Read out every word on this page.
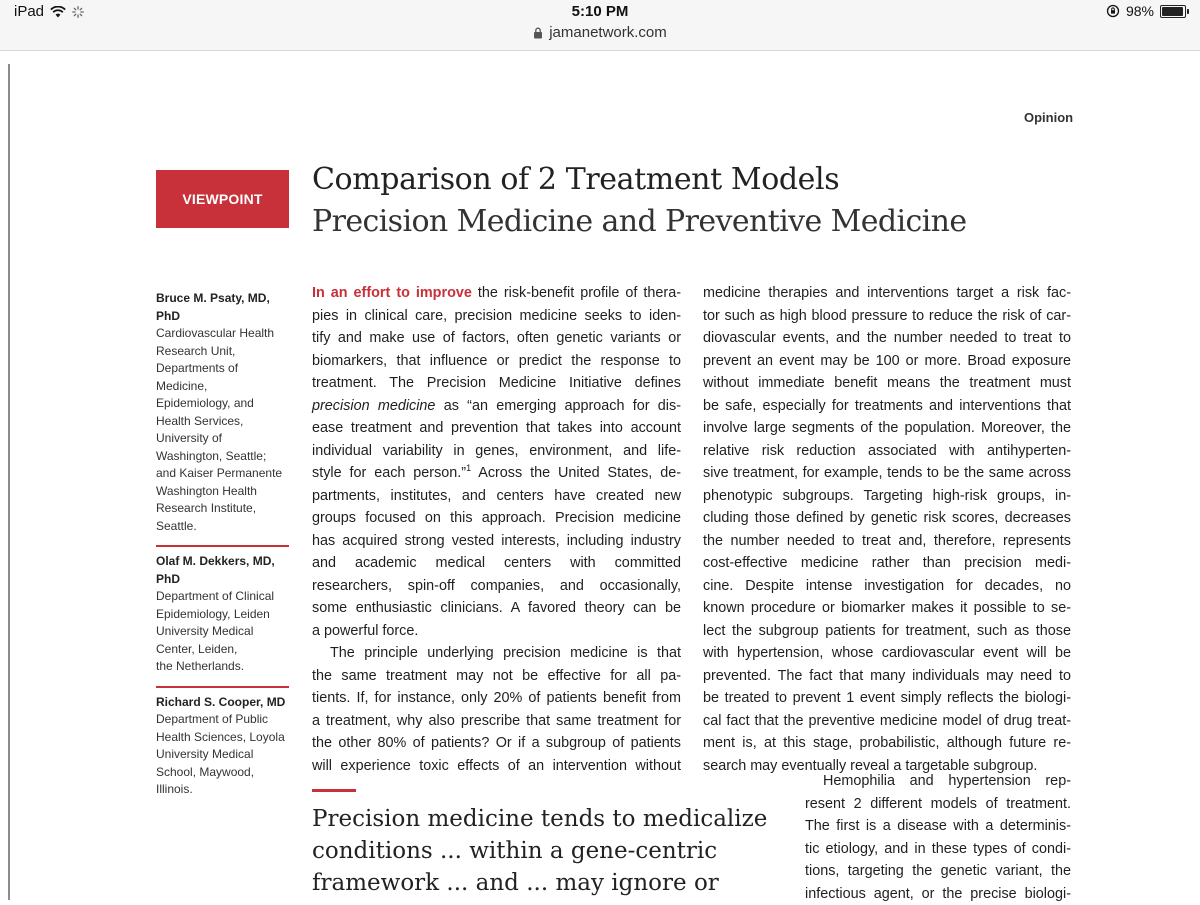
iPad	5:10 PM	98%
jamanetwork.com
Opinion
VIEWPOINT
Comparison of 2 Treatment Models
Precision Medicine and Preventive Medicine
Bruce M. Psaty, MD,
PhD
Cardiovascular Health
Research Unit,
Departments of
Medicine,
Epidemiology, and
Health Services,
University of
Washington, Seattle;
and Kaiser Permanente
Washington Health
Research Institute,
Seattle.
Olaf M. Dekkers, MD,
PhD
Department of Clinical
Epidemiology, Leiden
University Medical
Center, Leiden,
the Netherlands.
Richard S. Cooper, MD
Department of Public
Health Sciences, Loyola
University Medical
School, Maywood,
Illinois.
In an effort to improve the risk-benefit profile of thera-
pies in clinical care, precision medicine seeks to iden-
tify and make use of factors, often genetic variants or
biomarkers, that influence or predict the response to
treatment. The Precision Medicine Initiative defines
precision medicine as “an emerging approach for dis-
ease treatment and prevention that takes into account
individual variability in genes, environment, and life-
style for each person.”$^1$ Across the United States, de-
partments, institutes, and centers have created new
groups focused on this approach. Precision medicine
has acquired strong vested interests, including industry
and academic medical centers with committed
researchers, spin-off companies, and occasionally,
some enthusiastic clinicians. A favored theory can be
a powerful force.
The principle underlying precision medicine is that
the same treatment may not be effective for all pa-
tients. If, for instance, only 20% of patients benefit from
a treatment, why also prescribe that same treatment for
the other 80% of patients? Or if a subgroup of patients
will experience toxic effects of an intervention without
medicine therapies and interventions target a risk fac-
tor such as high blood pressure to reduce the risk of car-
diovascular events, and the number needed to treat to
prevent an event may be 100 or more. Broad exposure
without immediate benefit means the treatment must
be safe, especially for treatments and interventions that
involve large segments of the population. Moreover, the
relative risk reduction associated with antihyperten-
sive treatment, for example, tends to be the same across
phenotypic subgroups. Targeting high-risk groups, in-
cluding those defined by genetic risk scores, decreases
the number needed to treat and, therefore, represents
cost-effective medicine rather than precision medi-
cine. Despite intense investigation for decades, no
known procedure or biomarker makes it possible to se-
lect the subgroup patients for treatment, such as those
with hypertension, whose cardiovascular event will be
prevented. The fact that many individuals may need to
be treated to prevent 1 event simply reflects the biologi-
cal fact that the preventive medicine model of drug treat-
ment is, at this stage, probabilistic, although future re-
search may eventually reveal a targetable subgroup.
Precision medicine tends to medicalize
conditions ... within a gene-centric
framework ... and ... may ignore or
Hemophilia and hypertension rep-
resent 2 different models of treatment.
The first is a disease with a determinis-
tic etiology, and in these types of condi-
tions, targeting the genetic variant, the
infectious agent, or the precise biologi-
